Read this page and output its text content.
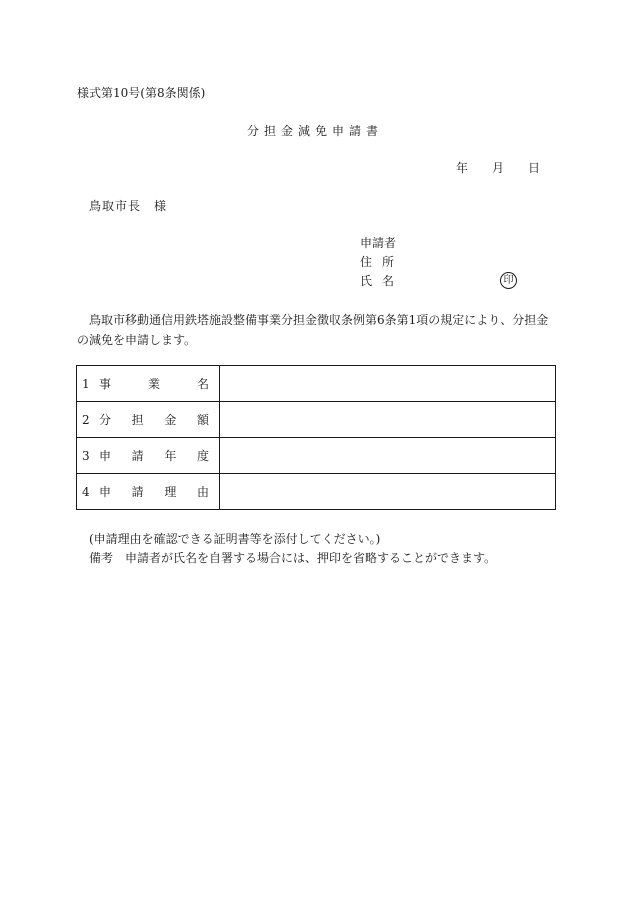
様式第10号(第8条関係)
分担金減免申請書
年 月 日
鳥取市長　様
申請者
住所
氏名	印
鳥取市移動通信用鉄塔施設整備事業分担金徴収条例第6条第1項の規定により、分担金の減免を申請します。
1 事 業 名	

2 分 担 金 額	

3 申 請 年 度	

4 申 請 理 由	

(申請理由を確認できる証明書等を添付してください。)
備考　申請者が氏名を自署する場合には、押印を省略することができます。
